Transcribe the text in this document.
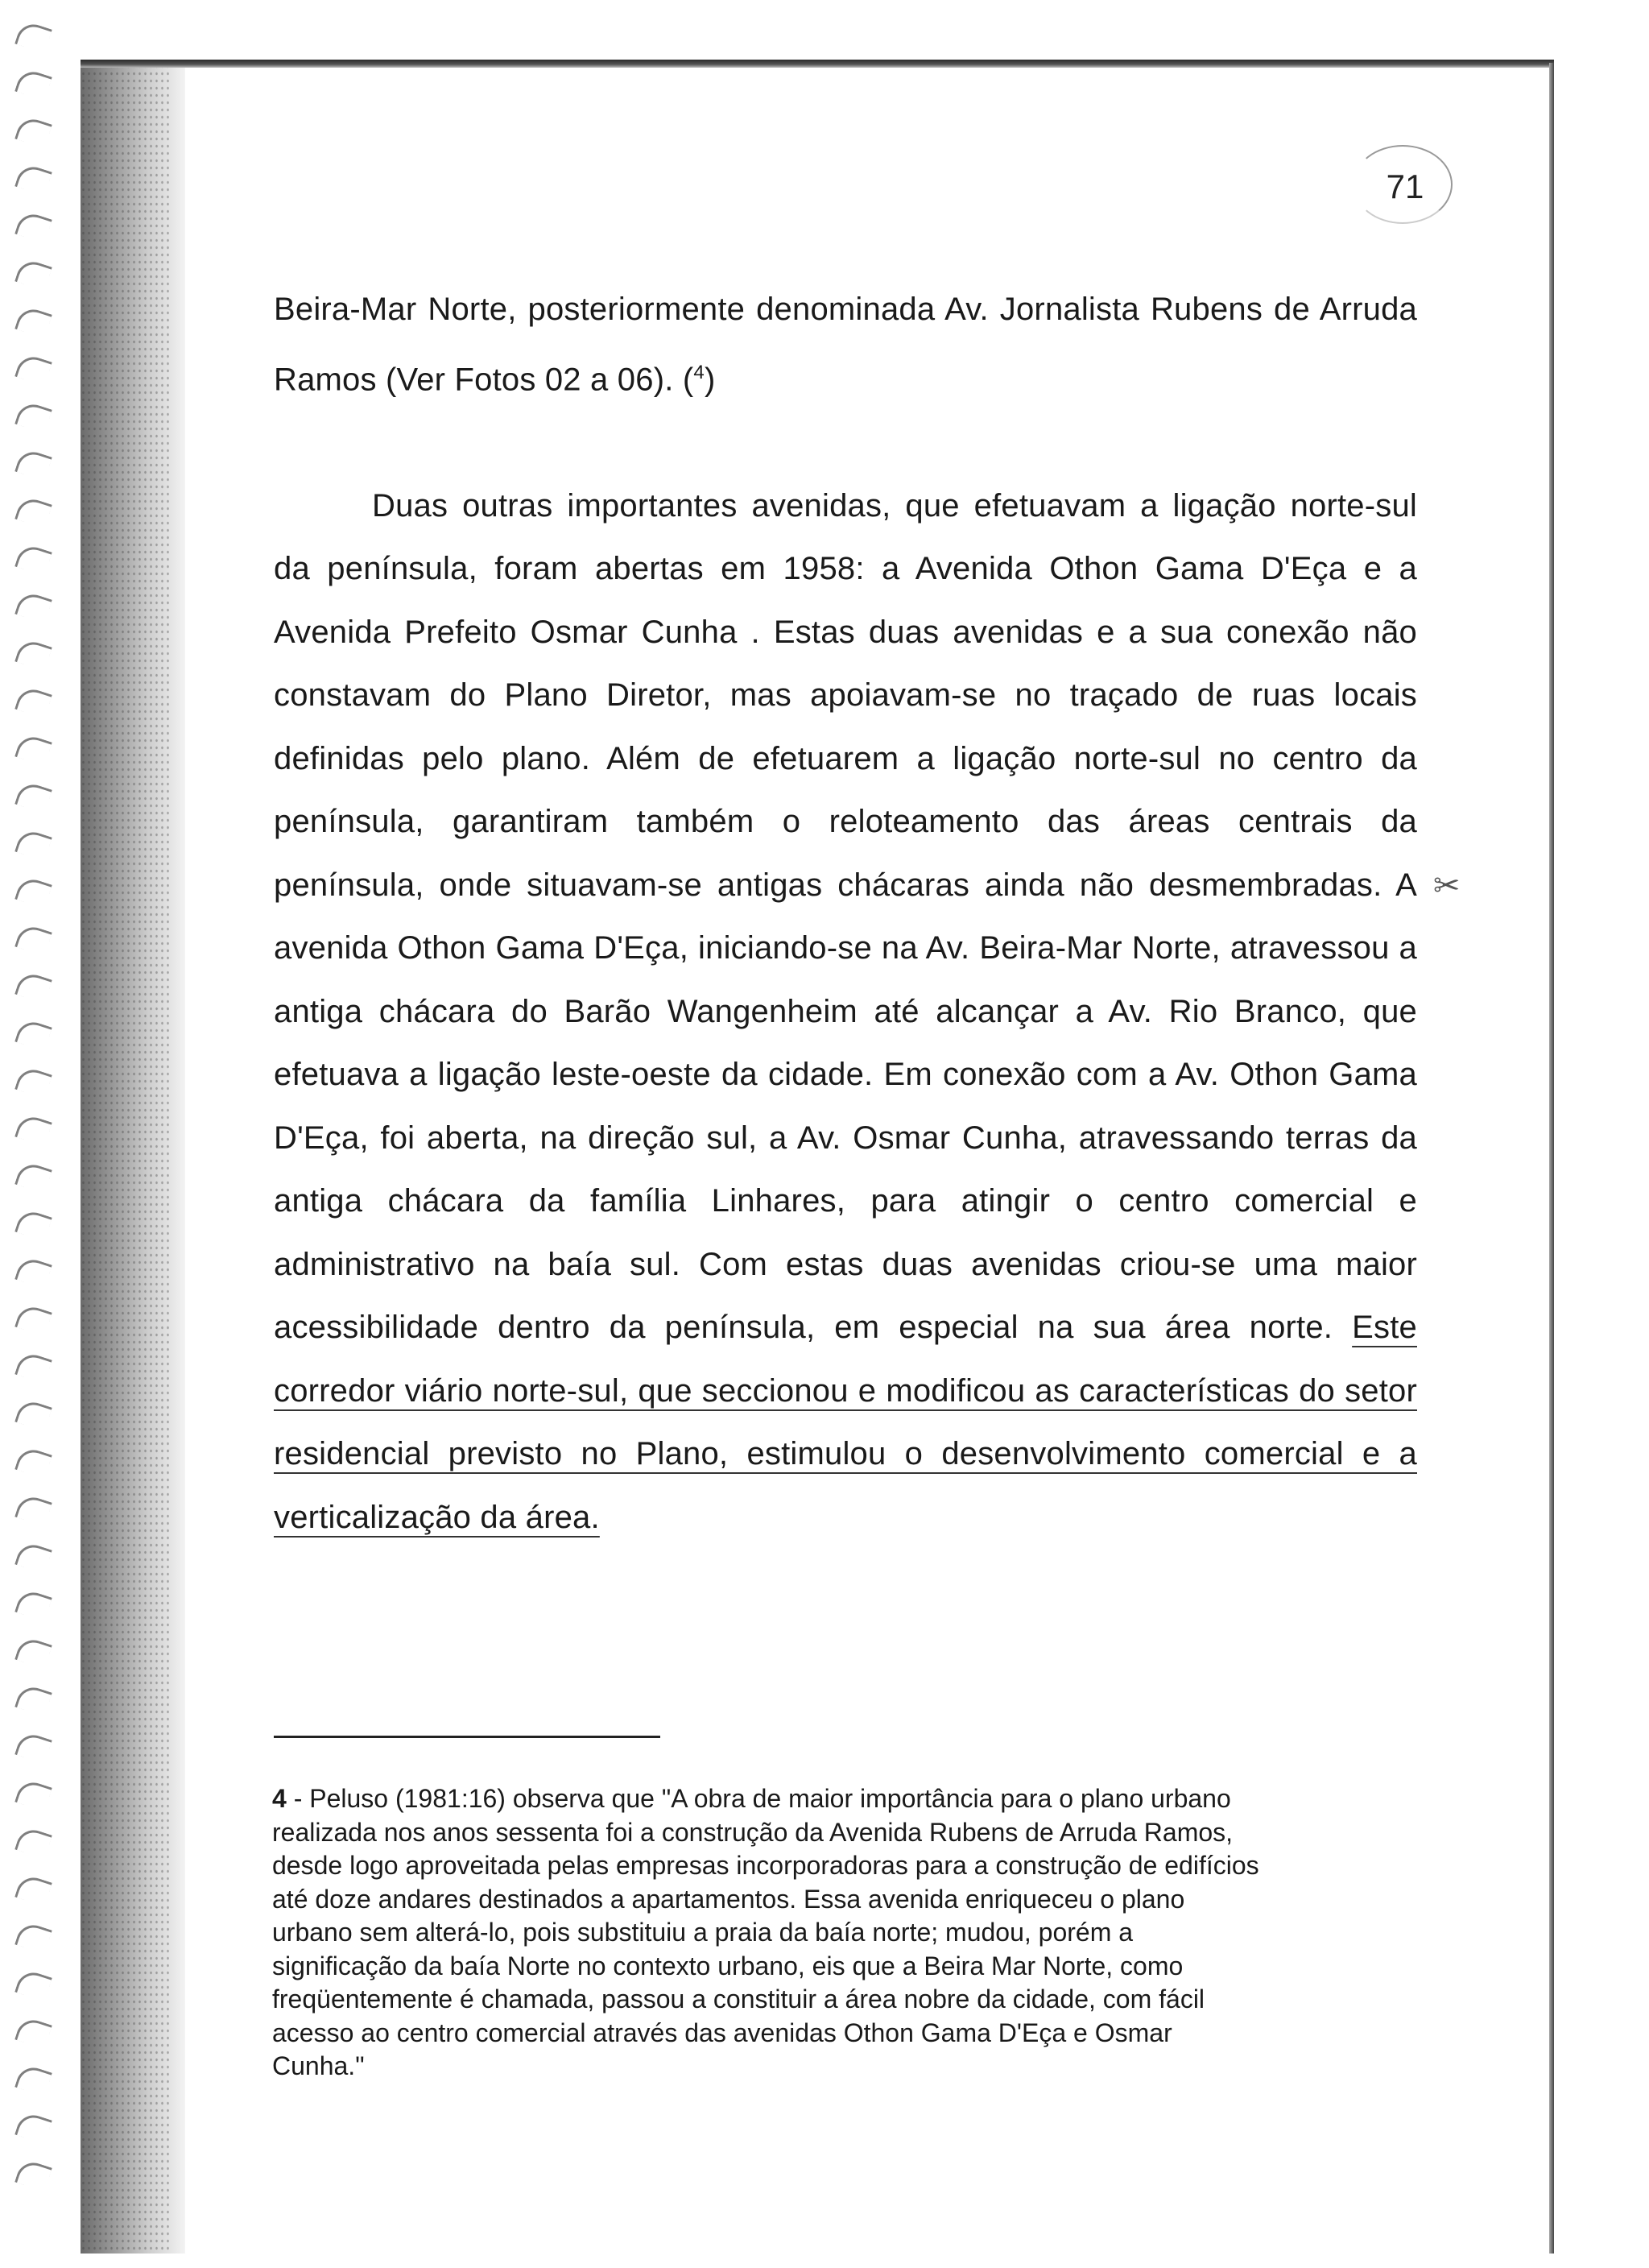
71

Beira-Mar Norte, posteriormente denominada Av. Jornalista Rubens de Arruda Ramos (Ver Fotos 02 a 06). ($^4$)

Duas outras importantes avenidas, que efetuavam a ligação norte-sul da península, foram abertas em 1958: a Avenida Othon Gama D'Eça e a Avenida Prefeito Osmar Cunha . Estas duas avenidas e a sua conexão não constavam do Plano Diretor, mas apoiavam-se no traçado de ruas locais definidas pelo plano. Além de efetuarem a ligação norte-sul no centro da península, garantiram também o reloteamento das áreas centrais da península, onde situavam-se antigas chácaras ainda não desmembradas. A avenida Othon Gama D'Eça, iniciando-se na Av. Beira-Mar Norte, atravessou a antiga chácara do Barão Wangenheim até alcançar a Av. Rio Branco, que efetuava a ligação leste-oeste da cidade. Em conexão com a Av. Othon Gama D'Eça, foi aberta, na direção sul, a Av. Osmar Cunha, atravessando terras da antiga chácara da família Linhares, para atingir o centro comercial e administrativo na baía sul. Com estas duas avenidas criou-se uma maior acessibilidade dentro da península, em especial na sua área norte. Este corredor viário norte-sul, que seccionou e modificou as características do setor residencial previsto no Plano, estimulou o desenvolvimento comercial e a verticalização da área.

✂
4 - Peluso (1981:16) observa que "A obra de maior importância para o plano urbano realizada nos anos sessenta foi a construção da Avenida Rubens de Arruda Ramos, desde logo aproveitada pelas empresas incorporadoras para a construção de edifícios até doze andares destinados a apartamentos. Essa avenida enriqueceu o plano urbano sem alterá-lo, pois substituiu a praia da baía norte; mudou, porém a significação da baía Norte no contexto urbano, eis que a Beira Mar Norte, como freqüentemente é chamada, passou a constituir a área nobre da cidade, com fácil acesso ao centro comercial através das avenidas Othon Gama D'Eça e Osmar Cunha."
